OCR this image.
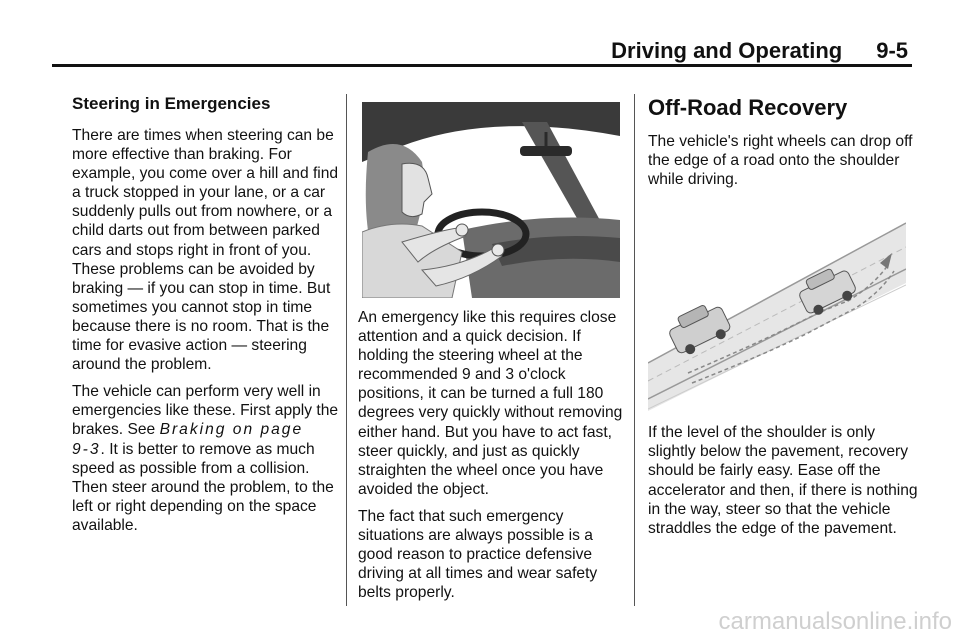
Driving and Operating 9-5
Steering in Emergencies

There are times when steering can be more effective than braking. For example, you come over a hill and find a truck stopped in your lane, or a car suddenly pulls out from nowhere, or a child darts out from between parked cars and stops right in front of you. These problems can be avoided by braking — if you can stop in time. But sometimes you cannot stop in time because there is no room. That is the time for evasive action — steering around the problem.

The vehicle can perform very well in emergencies like these. First apply the brakes. See Braking on page 9‑3. It is better to remove as much speed as possible from a collision. Then steer around the problem, to the left or right depending on the space available.

An emergency like this requires close attention and a quick decision. If holding the steering wheel at the recommended 9 and 3 o'clock positions, it can be turned a full 180 degrees very quickly without removing either hand. But you have to act fast, steer quickly, and just as quickly straighten the wheel once you have avoided the object.

The fact that such emergency situations are always possible is a good reason to practice defensive driving at all times and wear safety belts properly.

Off-Road Recovery

The vehicle's right wheels can drop off the edge of a road onto the shoulder while driving.

If the level of the shoulder is only slightly below the pavement, recovery should be fairly easy. Ease off the accelerator and then, if there is nothing in the way, steer so that the vehicle straddles the edge of the pavement.

carmanualsonline.info
